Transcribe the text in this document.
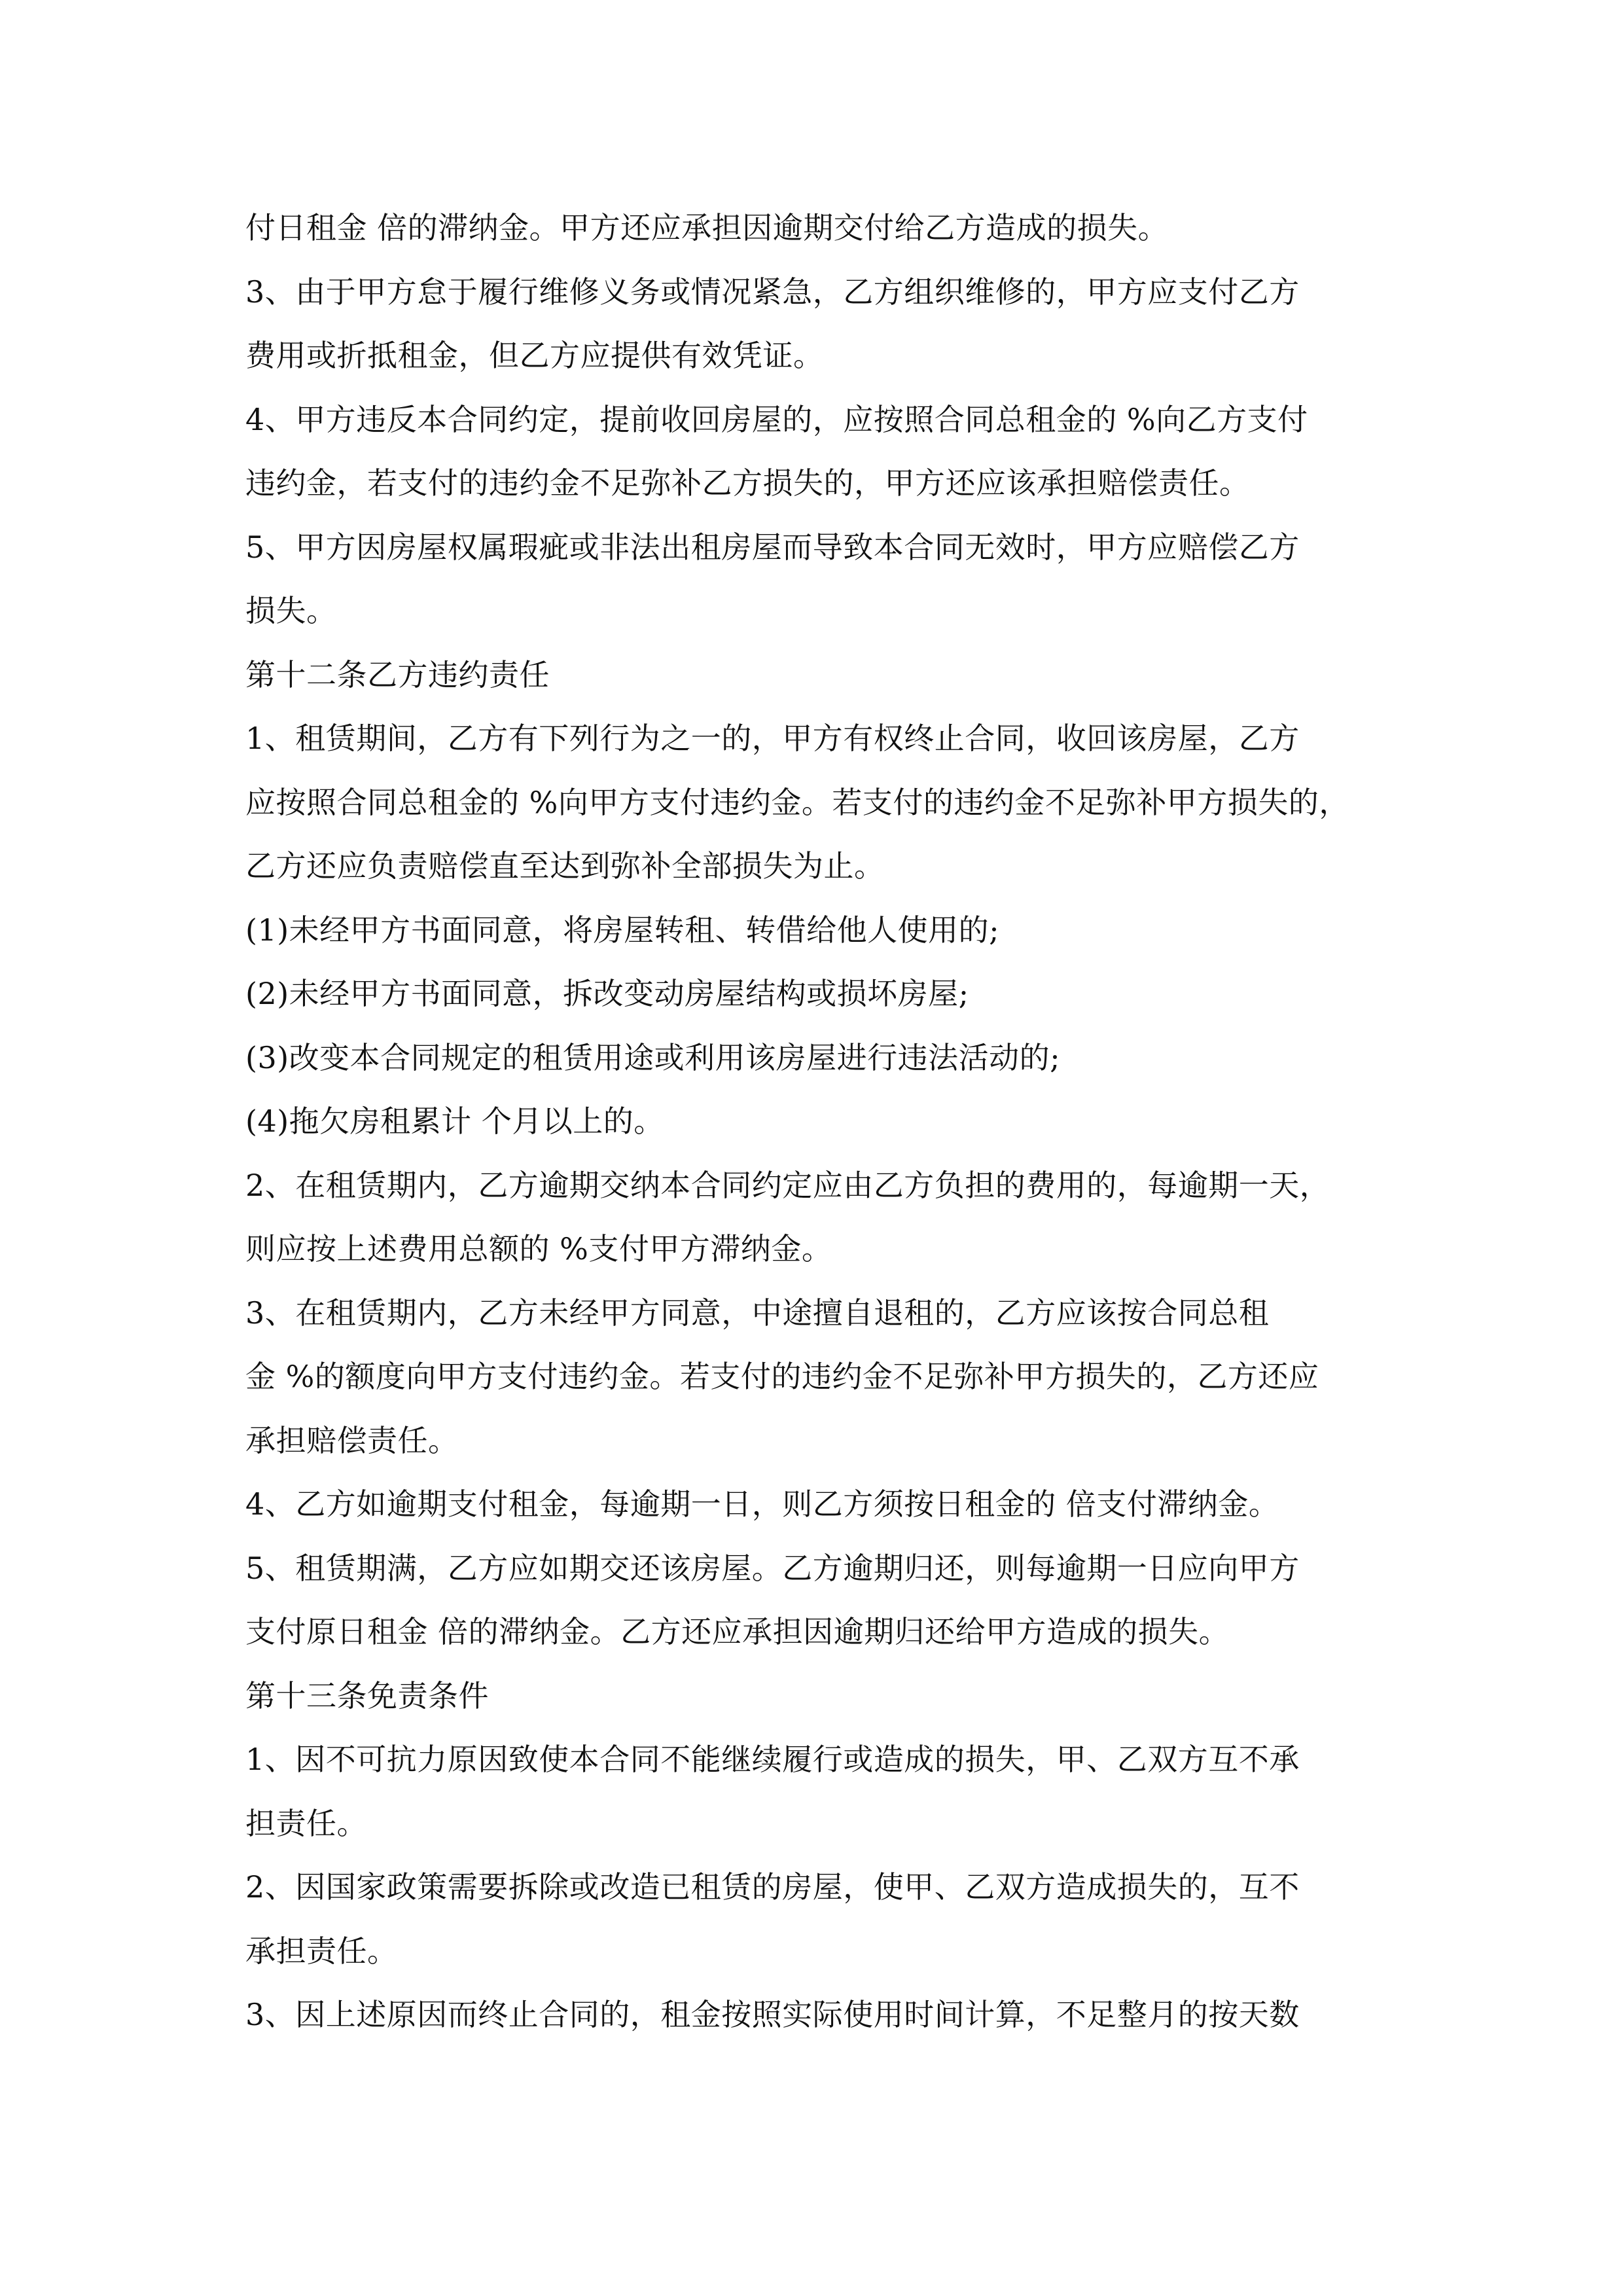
付日租金 倍的滞纳金。甲方还应承担因逾期交付给乙方造成的损失。
3、由于甲方怠于履行维修义务或情况紧急，乙方组织维修的，甲方应支付乙方
费用或折抵租金，但乙方应提供有效凭证。
4、甲方违反本合同约定，提前收回房屋的，应按照合同总租金的 %向乙方支付
违约金，若支付的违约金不足弥补乙方损失的，甲方还应该承担赔偿责任。
5、甲方因房屋权属瑕疵或非法出租房屋而导致本合同无效时，甲方应赔偿乙方
损失。
第十二条乙方违约责任
1、租赁期间，乙方有下列行为之一的，甲方有权终止合同，收回该房屋，乙方
应按照合同总租金的 %向甲方支付违约金。若支付的违约金不足弥补甲方损失的，
乙方还应负责赔偿直至达到弥补全部损失为止。
(1)未经甲方书面同意，将房屋转租、转借给他人使用的;
(2)未经甲方书面同意，拆改变动房屋结构或损坏房屋;
(3)改变本合同规定的租赁用途或利用该房屋进行违法活动的;
(4)拖欠房租累计 个月以上的。
2、在租赁期内，乙方逾期交纳本合同约定应由乙方负担的费用的，每逾期一天，
则应按上述费用总额的 %支付甲方滞纳金。
3、在租赁期内，乙方未经甲方同意，中途擅自退租的，乙方应该按合同总租
金 %的额度向甲方支付违约金。若支付的违约金不足弥补甲方损失的，乙方还应
承担赔偿责任。
4、乙方如逾期支付租金，每逾期一日，则乙方须按日租金的 倍支付滞纳金。
5、租赁期满，乙方应如期交还该房屋。乙方逾期归还，则每逾期一日应向甲方
支付原日租金 倍的滞纳金。乙方还应承担因逾期归还给甲方造成的损失。
第十三条免责条件
1、因不可抗力原因致使本合同不能继续履行或造成的损失，甲、乙双方互不承
担责任。
2、因国家政策需要拆除或改造已租赁的房屋，使甲、乙双方造成损失的，互不
承担责任。
3、因上述原因而终止合同的，租金按照实际使用时间计算，不足整月的按天数
